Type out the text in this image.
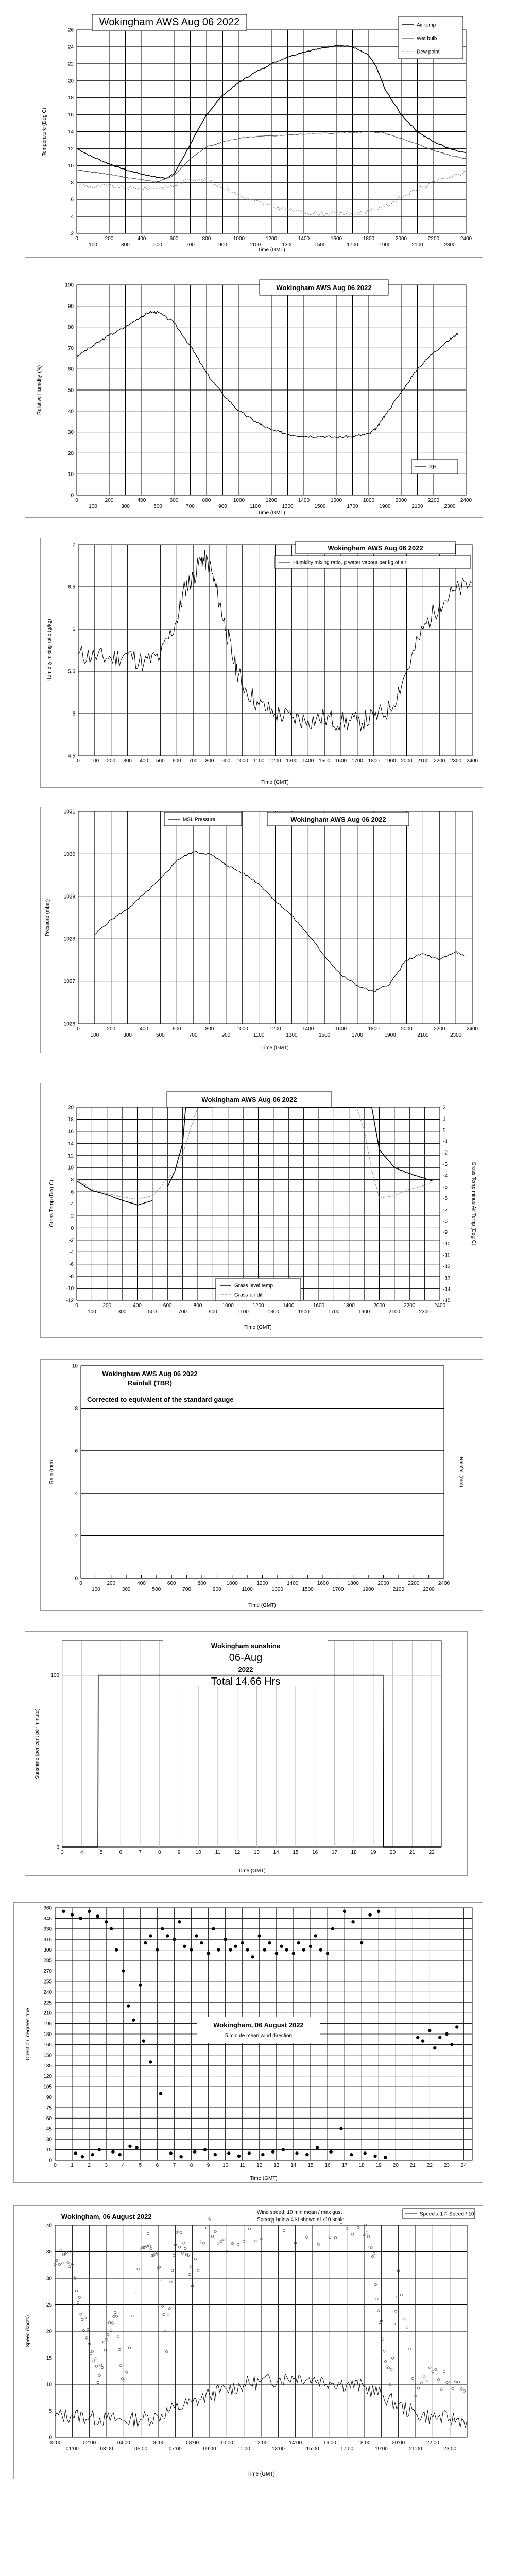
2
4
6
8
10
12
14
16
18
20
22
24
26
0
100
200
300
400
500
600
700
800
900
1000
1100
1200
1300
1400
1500
1600
1700
1800
1900
2000
2100
2200
2300
2400
Wokingham AWS Aug 06 2022	Air temp
Wet bulb
Dew point
Time (GMT)
Temperature (Deg C)
0
10
20
30
40
50
60
70
80
90
100
0
100
200
300
400
500
600
700
800
900
1000
1100
1200
1300
1400
1500
1600
1700
1800
1900
2000
2100
2200
2300
2400
Wokingham AWS Aug 06 2022
RH
Time (GMT)
Relative Humidity (%)
4.5
5
5.5
6
6.5
7
0 100 200 300 400 500 600 700 800 900 1000 1100 1200 1300 1400 1500 1600 1700 1800 1900 2000 2100 2200 2300 2400
Wokingham AWS Aug 06 2022
Humidity mixing ratio, g water vapour per kg of air
Time (GMT)
Humidity mixing ratio (g/kg)
1026
1027
1028
1029
1030
1031
0
100
200
300
400
500
600
700
800
900
1000
1100
1200
1300
1400
1500
1600
1700
1800
1900
2000
2100
2200
2300
2400
MSL Pressure	Wokingham AWS Aug 06 2022
Time (GMT)
Pressure (mbar)
-12
-10
-8
-6
-4
-2
0
2
4
6
8
10
12
14
16
18
20
0
100
200
300
400
500
600
700
800
900
1000
1100
1200
1300
1400
1500
1600
1700
1800
1900
2000
2100
2200
2300
2400
Wokingham AWS Aug 06 2022
Grass level temp
Grass-air diff
Time (GMT)
Grass Temp (Deg C)	Grass Temp minus Air Temp (Deg C)
-15
-14
-13
-12
-11
-10
-9
-8
-7
-6
-5
-4
-3
-2
-1
0
1
2
0
2
4
6
8
10
0
100
200
300
400
500
600
700
800
900
1000
1100
1200
1300
1400
1500
1600
1700
1800
1900
2000
2100
2200
2300
2400
Wokingham AWS Aug 06 2022
Rainfall (TBR)
Corrected to equivalent of the standard gauge
Time (GMT)
Rain (mm)	Rainfall (mm)
0
100
3	4	5	6	7	8	9	10	11	12	13	14	15	16	17	18	19	20	21	22
Wokingham sunshine
06-Aug
2022
Total 14.66 Hrs
Time (GMT)
Sunshine (per cent per minute)
0
15
30
45
60
75
90
105
120
135
150
165
180
195
210
225
240
255
270
285
300
315
330
345
360
0	1	2	3	4	5	6	7	8	9 10 11 12 13 14 15 16 17 18 19 20 21 22 23 24
Wokingham, 06 August 2022
5 minute mean wind direction
Time (GMT)
Direction, degrees true
0
5
10
15
20
25
30
35
40
00:00
01:00
02:00
03:00
04:00
05:00
06:00
07:00
08:00
09:00
10:00
11:00
12:00
13:00
14:00
15:00
16:00
17:00
18:00
19:00
20:00
21:00
22:00
23:00
Wokingham, 06 August 2022
Wind speed: 10 min mean / max gust
Speeds below 4 kt shown at x10 scale
Speed x 1 Speed / 10
Time (GMT)
Speed (knots)
